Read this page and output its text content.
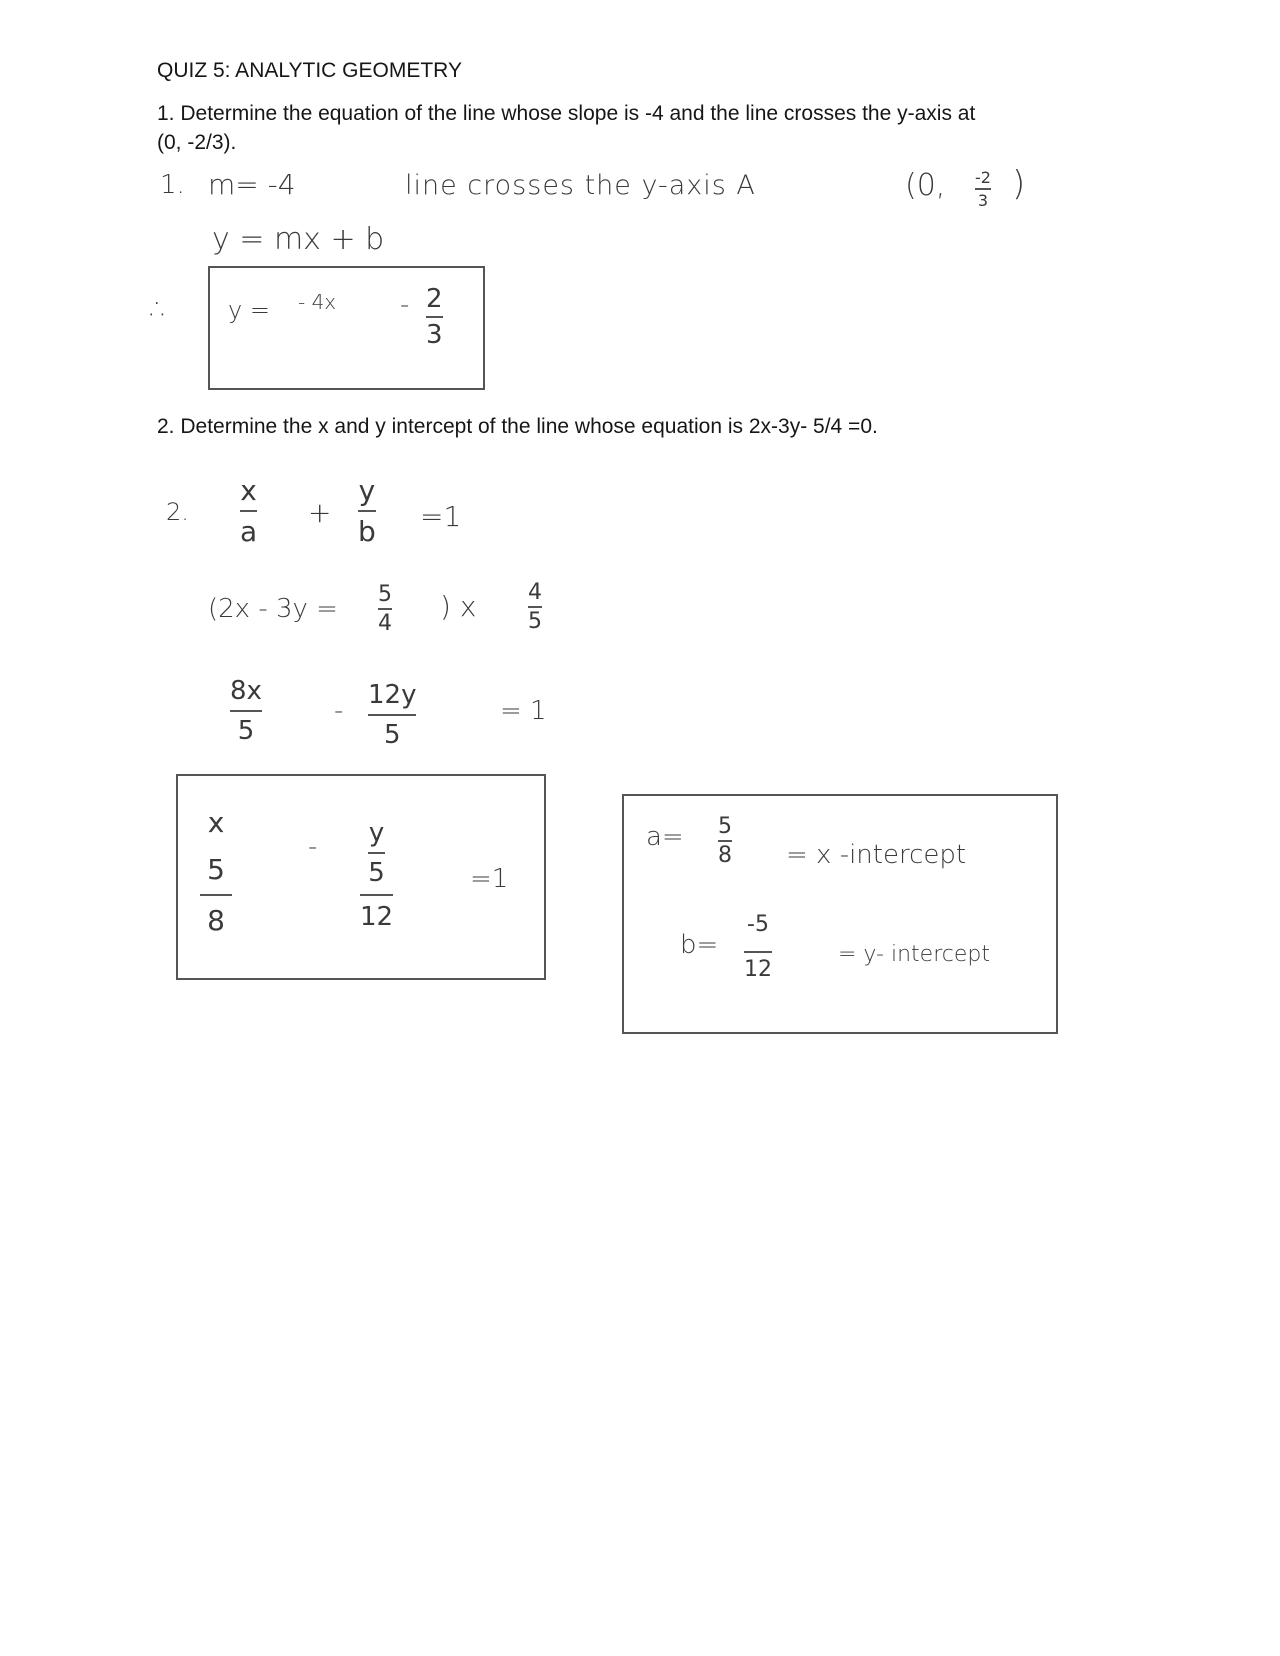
QUIZ 5: ANALYTIC GEOMETRY
1. Determine the equation of the line whose slope is -4 and the line crosses the y-axis at
(0, -2/3).
1. m= -4	line crosses the y-axis A	(0, -2
3 )
y = mx + b
∴ y = - 4x - 2
3
2. Determine the x and y intercept of the line whose equation is 2x-3y- 5/4 =0.
2.
x
a
+
y
b =1
(2x - 3y = 5
4
) x 4
5
8x
5
-
12y
5
= 1
x
5
8
- y
5
12
=1
a= 5
8 = x -intercept
b=
-5
12
= y- intercept
